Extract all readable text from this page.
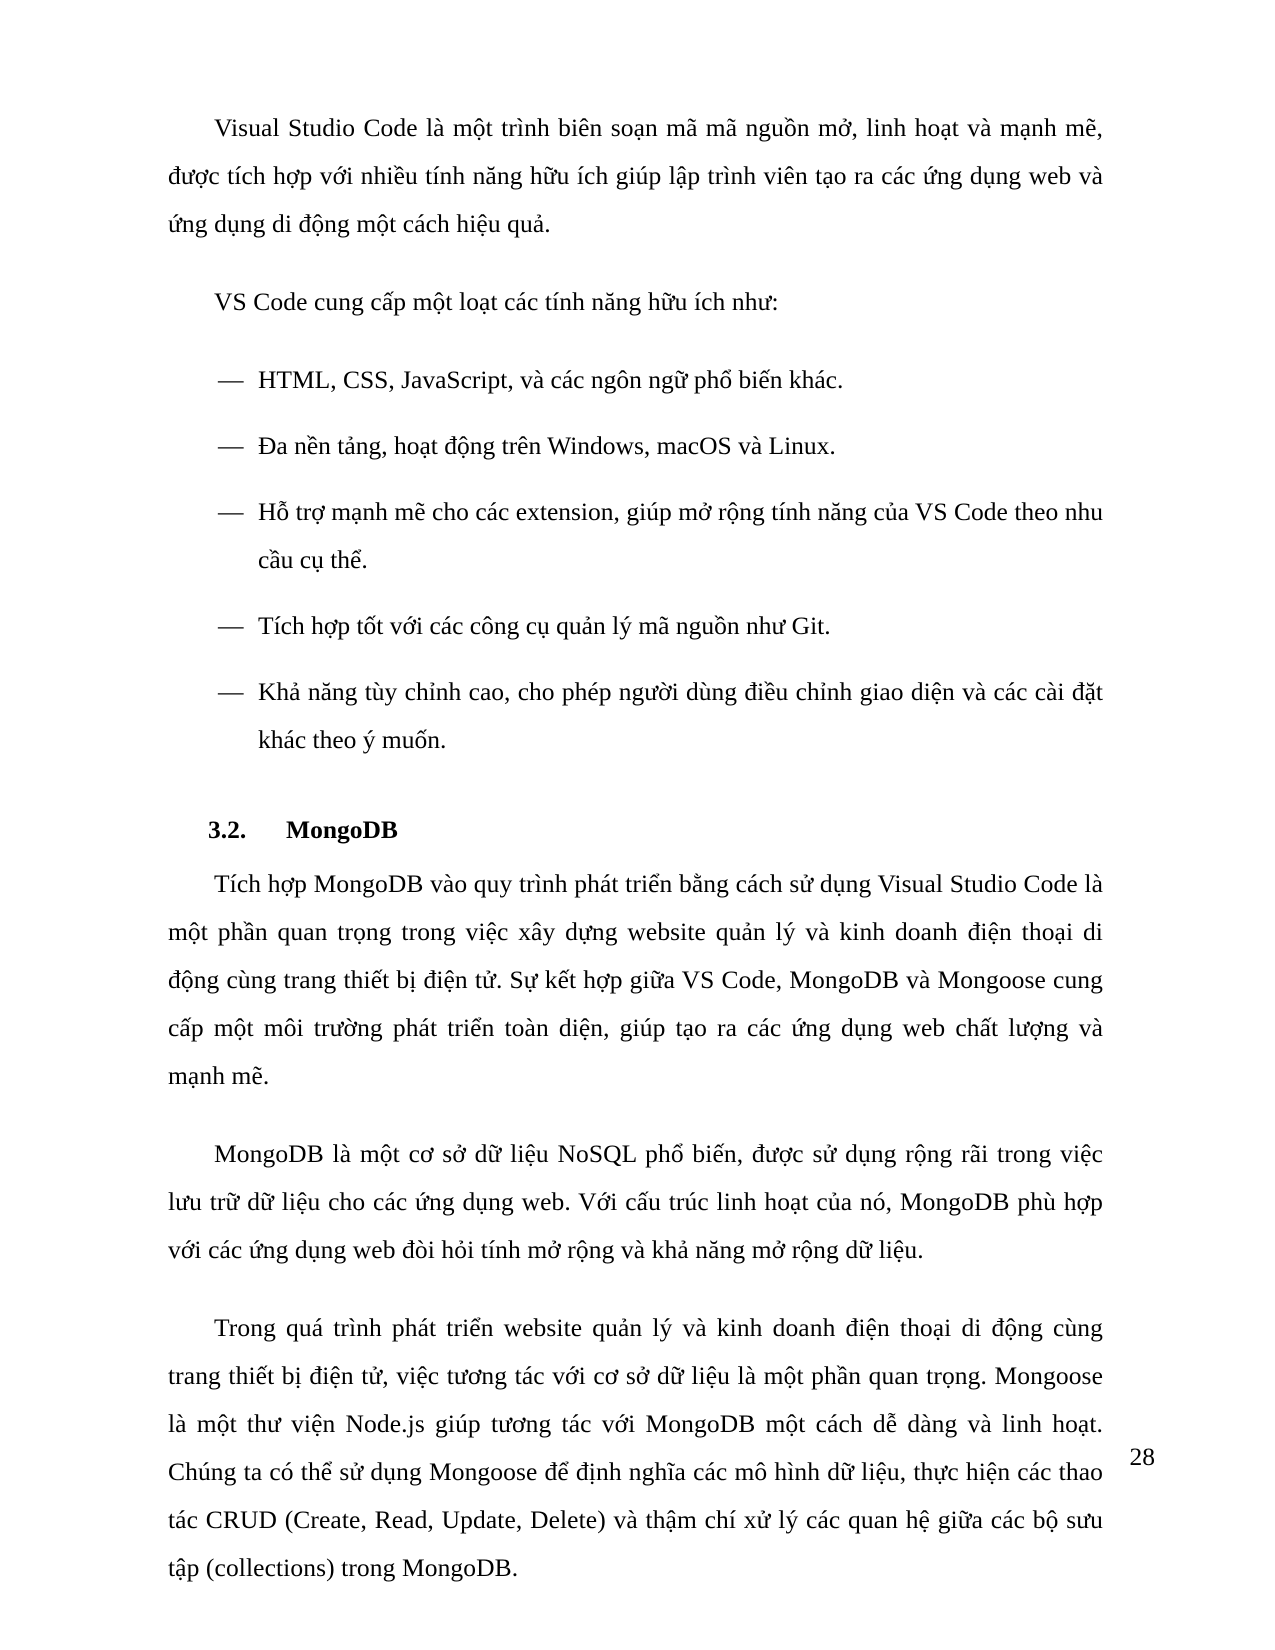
Visual Studio Code là một trình biên soạn mã mã nguồn mở, linh hoạt và mạnh mẽ, được tích hợp với nhiều tính năng hữu ích giúp lập trình viên tạo ra các ứng dụng web và ứng dụng di động một cách hiệu quả.

VS Code cung cấp một loạt các tính năng hữu ích như:

— HTML, CSS, JavaScript, và các ngôn ngữ phổ biến khác.
— Đa nền tảng, hoạt động trên Windows, macOS và Linux.
— Hỗ trợ mạnh mẽ cho các extension, giúp mở rộng tính năng của VS Code theo nhu cầu cụ thể.
— Tích hợp tốt với các công cụ quản lý mã nguồn như Git.
— Khả năng tùy chỉnh cao, cho phép người dùng điều chỉnh giao diện và các cài đặt khác theo ý muốn.
3.2.	MongoDB

Tích hợp MongoDB vào quy trình phát triển bằng cách sử dụng Visual Studio Code là một phần quan trọng trong việc xây dựng website quản lý và kinh doanh điện thoại di động cùng trang thiết bị điện tử. Sự kết hợp giữa VS Code, MongoDB và Mongoose cung cấp một môi trường phát triển toàn diện, giúp tạo ra các ứng dụng web chất lượng và mạnh mẽ.

MongoDB là một cơ sở dữ liệu NoSQL phổ biến, được sử dụng rộng rãi trong việc lưu trữ dữ liệu cho các ứng dụng web. Với cấu trúc linh hoạt của nó, MongoDB phù hợp với các ứng dụng web đòi hỏi tính mở rộng và khả năng mở rộng dữ liệu.

Trong quá trình phát triển website quản lý và kinh doanh điện thoại di động cùng trang thiết bị điện tử, việc tương tác với cơ sở dữ liệu là một phần quan trọng. Mongoose là một thư viện Node.js giúp tương tác với MongoDB một cách dễ dàng và linh hoạt. Chúng ta có thể sử dụng Mongoose để định nghĩa các mô hình dữ liệu, thực hiện các thao tác CRUD (Create, Read, Update, Delete) và thậm chí xử lý các quan hệ giữa các bộ sưu tập (collections) trong MongoDB.

28
